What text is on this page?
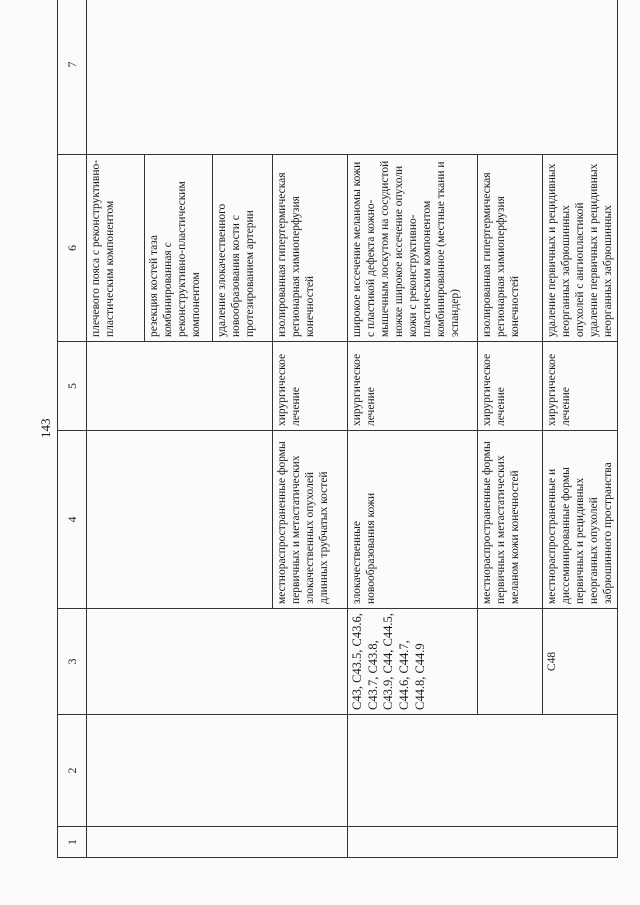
143
1	2	3	4	5	6	7
					плечевого пояса с реконструктивно-пластическим компонентом	
					резекция костей таза комбинированная с реконструктивно-пластическим компонентом	
					удаление злокачественного новообразования кости с протезированием артерии	
			местнораспространенные формы первичных и метастатических злокачественных опухолей длинных трубчатых костей	хирургическое лечение	изолированная гипертермическая регионарная химиоперфузия конечностей	
		C43, C43.5, C43.6, C43.7, C43.8, C43.9, C44, C44.5, C44.6, C44.7, C44.8, C44.9	злокачественные новообразования кожи	хирургическое лечение	широкое иссечение меланомы кожи с пластикой дефекта кожно-мышечным лоскутом на сосудистой ножке широкое иссечение опухоли кожи с реконструктивно-пластическим компонентом комбинированное (местные ткани и эспандер)	
			местнораспространенные формы первичных и метастатических меланом кожи конечностей	хирургическое лечение	изолированная гипертермическая регионарная химиоперфузия конечностей	
		C48	местнораспространенные и диссеминированные формы первичных и рецидивных неорганных опухолей забрюшинного пространства	хирургическое лечение	удаление первичных и рецидивных неорганных забрюшинных опухолей с ангиопластикой удаление первичных и рецидивных неорганных забрюшинных	
